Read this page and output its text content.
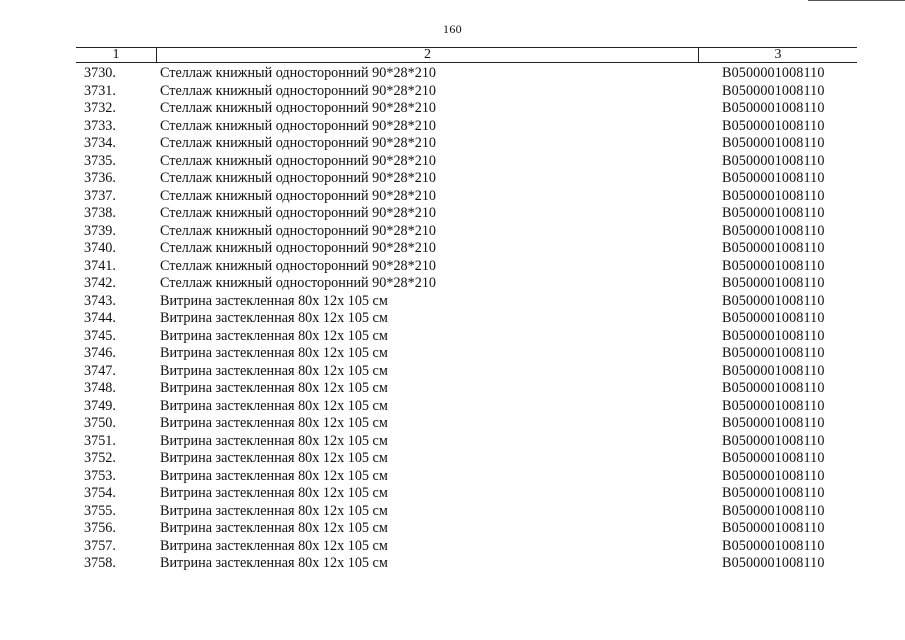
160
1	2	3
3730.	Стеллаж книжный односторонний 90*28*210	В0500001008110
3731.	Стеллаж книжный односторонний 90*28*210	В0500001008110
3732.	Стеллаж книжный односторонний 90*28*210	В0500001008110
3733.	Стеллаж книжный односторонний 90*28*210	В0500001008110
3734.	Стеллаж книжный односторонний 90*28*210	В0500001008110
3735.	Стеллаж книжный односторонний 90*28*210	В0500001008110
3736.	Стеллаж книжный односторонний 90*28*210	В0500001008110
3737.	Стеллаж книжный односторонний 90*28*210	В0500001008110
3738.	Стеллаж книжный односторонний 90*28*210	В0500001008110
3739.	Стеллаж книжный односторонний 90*28*210	В0500001008110
3740.	Стеллаж книжный односторонний 90*28*210	В0500001008110
3741.	Стеллаж книжный односторонний 90*28*210	В0500001008110
3742.	Стеллаж книжный односторонний 90*28*210	В0500001008110
3743.	Витрина застекленная 80х 12х 105 см	В0500001008110
3744.	Витрина застекленная 80х 12х 105 см	В0500001008110
3745.	Витрина застекленная 80х 12х 105 см	В0500001008110
3746.	Витрина застекленная 80х 12х 105 см	В0500001008110
3747.	Витрина застекленная 80х 12х 105 см	В0500001008110
3748.	Витрина застекленная 80х 12х 105 см	В0500001008110
3749.	Витрина застекленная 80х 12х 105 см	В0500001008110
3750.	Витрина застекленная 80х 12х 105 см	В0500001008110
3751.	Витрина застекленная 80х 12х 105 см	В0500001008110
3752.	Витрина застекленная 80х 12х 105 см	В0500001008110
3753.	Витрина застекленная 80х 12х 105 см	В0500001008110
3754.	Витрина застекленная 80х 12х 105 см	В0500001008110
3755.	Витрина застекленная 80х 12х 105 см	В0500001008110
3756.	Витрина застекленная 80х 12х 105 см	В0500001008110
3757.	Витрина застекленная 80х 12х 105 см	В0500001008110
3758.	Витрина застекленная 80х 12х 105 см	В0500001008110
